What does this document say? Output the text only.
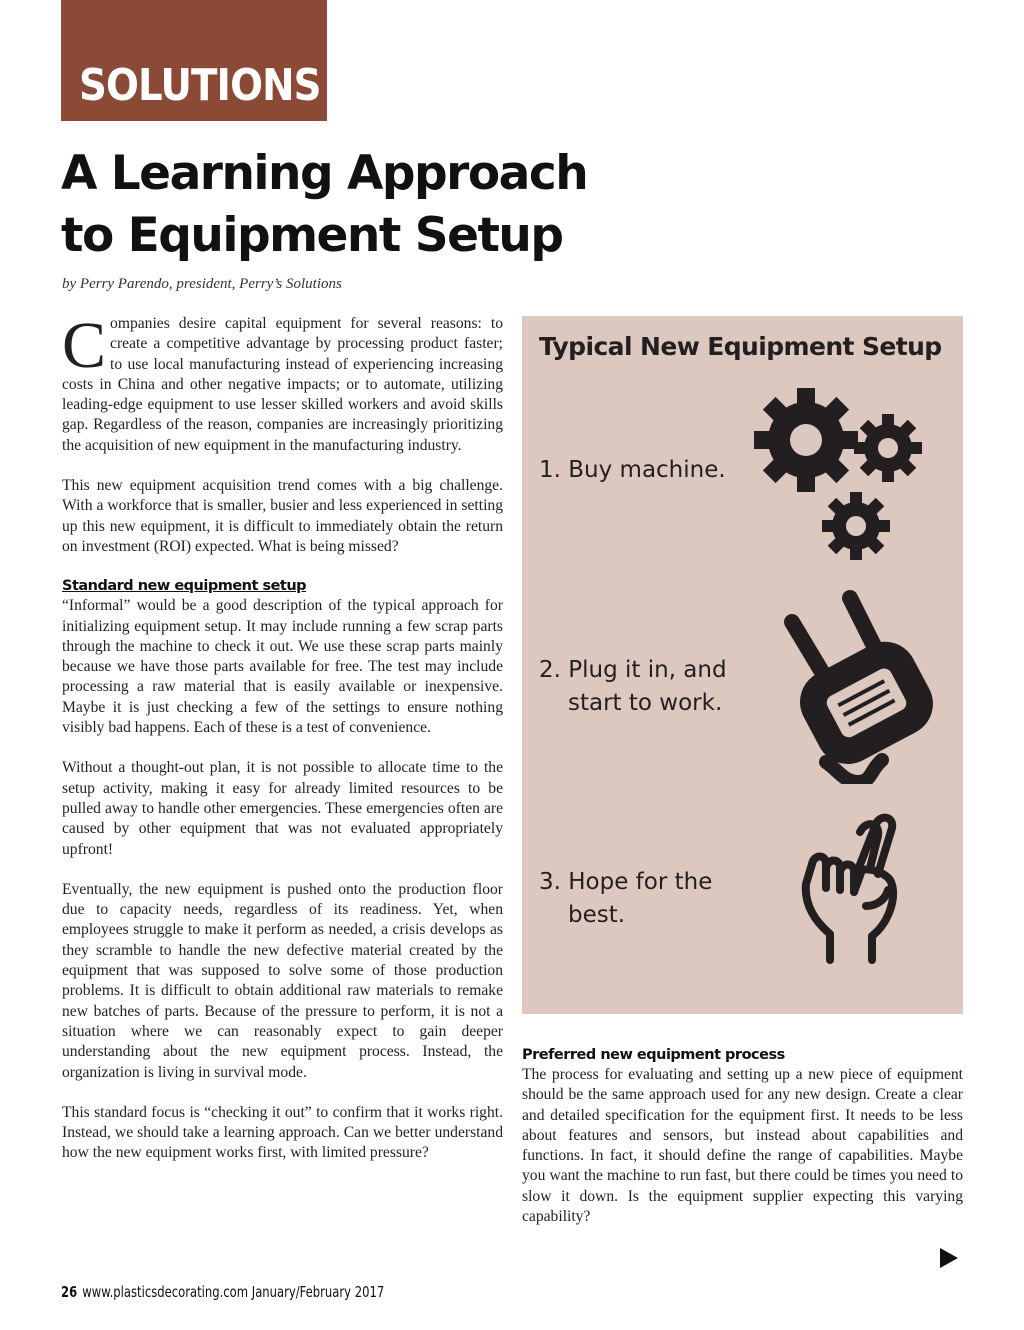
SOLUTIONS
A Learning Approach
to Equipment Setup
by Perry Parendo, president, Perry’s Solutions

Companies desire capital equipment for several reasons: to create a competitive advantage by processing product faster; to use local manufacturing instead of experiencing increasing costs in China and other negative impacts; or to automate, utilizing leading-edge equipment to use lesser skilled workers and avoid skills gap. Regardless of the reason, companies are increasingly prioritizing the acquisition of new equipment in the manufacturing industry.

This new equipment acquisition trend comes with a big challenge. With a workforce that is smaller, busier and less experienced in setting up this new equipment, it is difficult to immediately obtain the return on investment (ROI) expected. What is being missed?

Standard new equipment setup
“Informal” would be a good description of the typical approach for initializing equipment setup. It may include running a few scrap parts through the machine to check it out. We use these scrap parts mainly because we have those parts available for free. The test may include processing a raw material that is easily available or inexpensive. Maybe it is just checking a few of the settings to ensure nothing visibly bad happens. Each of these is a test of convenience.

Without a thought-out plan, it is not possible to allocate time to the setup activity, making it easy for already limited resources to be pulled away to handle other emergencies. These emergencies often are caused by other equipment that was not evaluated appropriately upfront!

Eventually, the new equipment is pushed onto the production floor due to capacity needs, regardless of its readiness. Yet, when employees struggle to make it perform as needed, a crisis develops as they scramble to handle the new defective material created by the equipment that was supposed to solve some of those production problems. It is difficult to obtain additional raw materials to remake new batches of parts. Because of the pressure to perform, it is not a situation where we can reasonably expect to gain deeper understanding about the new equipment process. Instead, the organization is living in survival mode.

This standard focus is “checking it out” to confirm that it works right. Instead, we should take a learning approach. Can we better understand how the new equipment works first, with limited pressure?

Typical New Equipment Setup
1. Buy machine.
2. Plug it in, and
start to work.
3. Hope for the
best.

Preferred new equipment process
The process for evaluating and setting up a new piece of equipment should be the same approach used for any new design. Create a clear and detailed specification for the equipment first. It needs to be less about features and sensors, but instead about capabilities and functions. In fact, it should define the range of capabilities. Maybe you want the machine to run fast, but there could be times you need to slow it down. Is the equipment supplier expecting this varying capability?

26 www.plasticsdecorating.com January/February 2017
